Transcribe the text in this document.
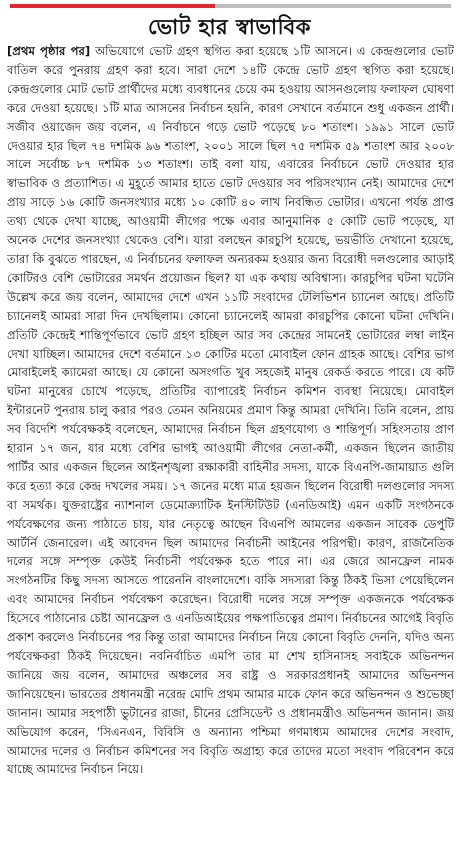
ভোট হার স্বাভাবিক

[প্রথম পৃষ্ঠার পর] অভিযোগে ভোট গ্রহণ স্থগিত করা হয়েছে ১টি আসনে। এ কেন্দ্রগুলোর ভোট বাতিল করে পুনরায় গ্রহণ করা হবে। সারা দেশে ১৪টি কেন্দ্রে ভোট গ্রহণ স্থগিত করা হয়েছে। কেন্দ্রগুলোর মোট ভোট প্রার্থীদের মধ্যে ব্যবধানের চেয়ে কম হওয়ায় আসনগুলোয় ফলাফল ঘোষণা করে দেওয়া হয়েছে। ১টি মাত্র আসনের নির্বাচন হয়নি, কারণ সেখানে বর্তমানে শুধু একজন প্রার্থী। সজীব ওয়াজেদ জয় বলেন, এ নির্বাচনে গড়ে ভোট পড়েছে ৮০ শতাংশ। ১৯৯১ সালে ভোট দেওয়ার হার ছিল ৭৪ দশমিক ৯৬ শতাংশ, ২০০১ সালে ছিল ৭৫ দশমিক ৫৯ শতাংশ আর ২০০৮ সালে সর্বোচ্চ ৮৭ দশমিক ১৩ শতাংশ। তাই বলা যায়, এবারের নির্বাচনে ভোট দেওয়ার হার স্বাভাবিক ও প্রত্যাশিত। এ মুহূর্তে আমার হাতে ভোট দেওয়ার সব পরিসংখ্যান নেই। আমাদের দেশে প্রায় সাড়ে ১৬ কোটি জনসংখ্যার মধ্যে ১০ কোটি ৪০ লাখ নিবন্ধিত ভোটার। এখনো পর্যন্ত প্রাপ্ত তথ্য থেকে দেখা যাচ্ছে, আওয়ামী লীগের পক্ষে এবার আনুমানিক ৫ কোটি ভোট পড়েছে, যা অনেক দেশের জনসংখ্যা থেকেও বেশি। যারা বলছেন কারচুপি হয়েছে, ভয়ভীতি দেখানো হয়েছে, তারা কি বুঝতে পারছেন, এ নির্বাচনের ফলাফল অন্যরকম হওয়ার জন্য বিরোধী দলগুলোর আড়াই কোটিরও বেশি ভোটারের সমর্থন প্রয়োজন ছিল? যা এক কথায় অবিশ্বাস্য। কারচুপির ঘটনা ঘটেনি উল্লেখ করে জয় বলেন, আমাদের দেশে এখন ১১টি সংবাদের টেলিভিশন চ্যানেল আছে। প্রতিটি চ্যানেলই আমরা সারা দিন দেখছিলাম। কোনো চ্যানেলেই আমরা কারচুপির কোনো ঘটনা দেখিনি। প্রতিটি কেন্দ্রেই শান্তিপূর্ণভাবে ভোট গ্রহণ হচ্ছিল আর সব কেন্দ্রের সামনেই ভোটারের লম্বা লাইন দেখা যাচ্ছিল। আমাদের দেশে বর্তমানে ১৩ কোটির মতো মোবাইল ফোন গ্রাহক আছে। বেশির ভাগ মোবাইলেই ক্যামেরা আছে। যে কোনো অসংগতি খুব সহজেই মানুষ রেকর্ড করতে পারে। যে কটি ঘটনা মানুষের চোখে পড়েছে, প্রতিটির ব্যাপারেই নির্বাচন কমিশন ব্যবস্থা নিয়েছে। মোবাইল ইন্টারনেট পুনরায় চালু করার পরও তেমন অনিয়মের প্রমাণ কিন্তু আমরা দেখিনি। তিনি বলেন, প্রায় সব বিদেশি পর্যবেক্ষকই বলেছেন, আমাদের নির্বাচন ছিল গ্রহণযোগ্য ও শান্তিপূর্ণ। সহিংসতায় প্রাণ হারান ১৭ জন, যার মধ্যে বেশির ভাগই আওয়ামী লীগের নেতা-কর্মী, একজন ছিলেন জাতীয় পার্টির আর একজন ছিলেন আইনশৃঙ্খলা রক্ষাকারী বাহিনীর সদস্য, যাকে বিএনপি-জামায়াত গুলি করে হত্যা করে কেন্দ্র দখলের সময়। ১৭ জনের মধ্যে মাত্র হয়জন ছিলেন বিরোধী দলগুলোর সদস্য বা সমর্থক। যুক্তরাষ্ট্রের ন্যাশনাল ডেমোক্র্যাটিক ইনস্টিটিউট (এনডিআই) এমন একটি সংগঠনকে পর্যবেক্ষণের জন্য পাঠাতে চায়, যার নেতৃত্বে আছেন বিএনপি আমলের একজন সাবেক ডেপুটি আর্টর্নি জেনারেল। এই আবেদন ছিল আমাদের নির্বাচনী আইনের পরিপন্থী। কারণ, রাজনৈতিক দলের সঙ্গে সম্পৃক্ত কেউই নির্বাচনী পর্যবেক্ষক হতে পারে না। এর জেরে আনফ্রেল নামক সংগঠনটির কিছু সদস্য আসতে পারেননি বাংলাদেশে। বাকি সদস্যরা কিন্তু ঠিকই ভিসা পেয়েছিলেন এবং আমাদের নির্বাচন পর্যবেক্ষণ করেছেন। বিরোধী দলের সঙ্গে সম্পৃক্ত একজনকে পর্যবেক্ষক হিসেবে পাঠানোর চেষ্টা আনফ্রেল ও এনডিআইয়ের পক্ষপাতিত্বের প্রমাণ। নির্বাচনের আগেই বিবৃতি প্রকাশ করলেও নির্বাচনের পর কিন্তু তারা আমাদের নির্বাচন নিয়ে কোনো বিবৃতি দেননি, যদিও অন্য পর্যবেক্ষকরা ঠিকই দিয়েছেন। নবনির্বাচিত এমপি তার মা শেখ হাসিনাসহ সবাইকে অভিনন্দন জানিয়ে জয় বলেন, আমাদের অঞ্চলের সব রাষ্ট্র ও সরকারপ্রধানই আমাদের অভিনন্দন জানিয়েছেন। ভারতের প্রধানমন্ত্রী নরেন্দ্র মোদি প্রথম আমার মাকে ফোন করে অভিনন্দন ও শুভেচ্ছা জানান। আমার সহপাঠী ভুটানের রাজা, চীনের প্রেসিডেন্ট ও প্রধানমন্ত্রীও অভিনন্দন জানান। জয় অভিযোগ করেন, 'সিএনএন, বিবিসি ও অন্যান্য পশ্চিমা গণমাধ্যম আমাদের দেশের সংবাদ, আমাদের দলের ও নির্বাচন কমিশনের সব বিবৃতি অগ্রাহ্য করে তাদের মতো সংবাদ পরিবেশন করে যাচ্ছে আমাদের নির্বাচন নিয়ে।
